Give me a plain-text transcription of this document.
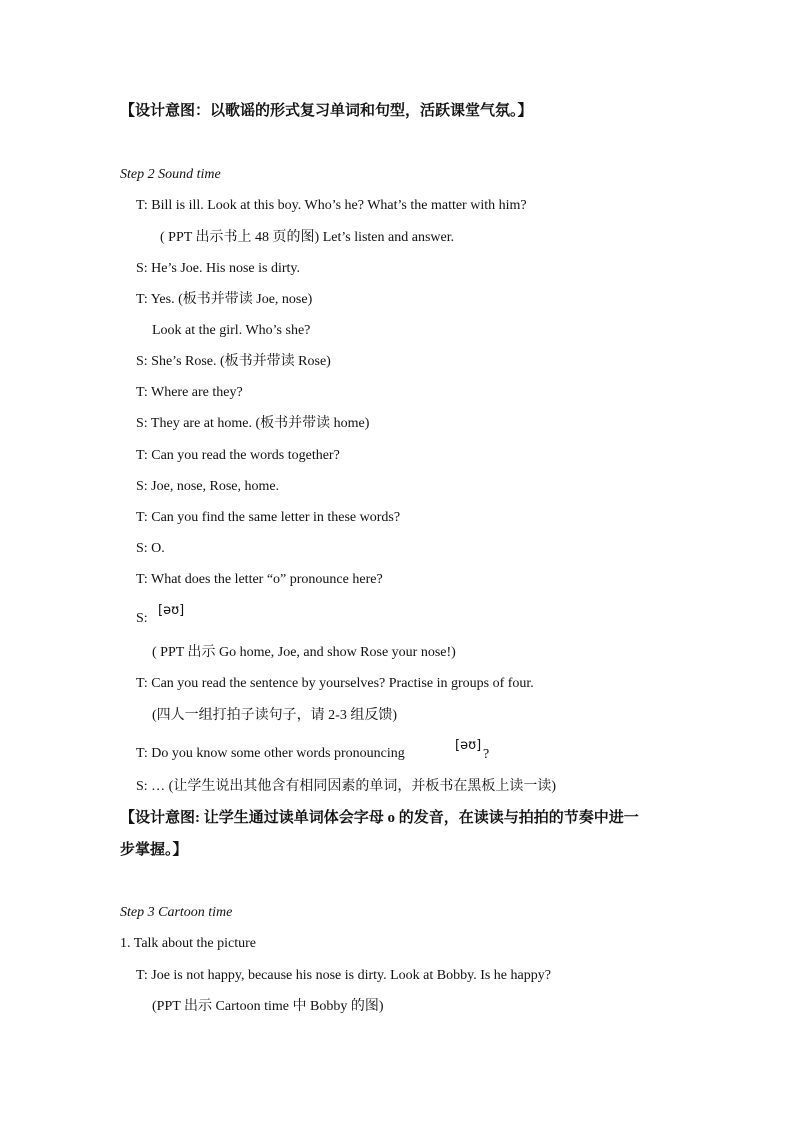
【设计意图：以歌谣的形式复习单词和句型，活跃课堂气氛。】
Step 2 Sound time
T: Bill is ill. Look at this boy. Who’s he? What’s the matter with him?
( PPT 出示书上 48 页的图) Let’s listen and answer.
S: He’s Joe. His nose is dirty.
T: Yes. (板书并带读 Joe, nose)
Look at the girl. Who’s she?
S: She’s Rose. (板书并带读 Rose)
T: Where are they?
S: They are at home. (板书并带读 home)
T: Can you read the words together?
S: Joe, nose, Rose, home.
T: Can you find the same letter in these words?
S: O.
T: What does the letter “o” pronounce here?
S:
[əʊ]
( PPT 出示 Go home, Joe, and show Rose your nose!)
T: Can you read the sentence by yourselves? Practise in groups of four.
(四人一组打拍子读句子，请 2-3 组反馈)
T: Do you know some other words pronouncing
[əʊ]
?
S: … (让学生说出其他含有相同因素的单词，并板书在黑板上读一读)
【设计意图: 让学生通过读单词体会字母 o 的发音，在读读与拍拍的节奏中进一
步掌握。】
Step 3 Cartoon time
1. Talk about the picture
T: Joe is not happy, because his nose is dirty. Look at Bobby. Is he happy?
(PPT 出示 Cartoon time 中 Bobby 的图)
